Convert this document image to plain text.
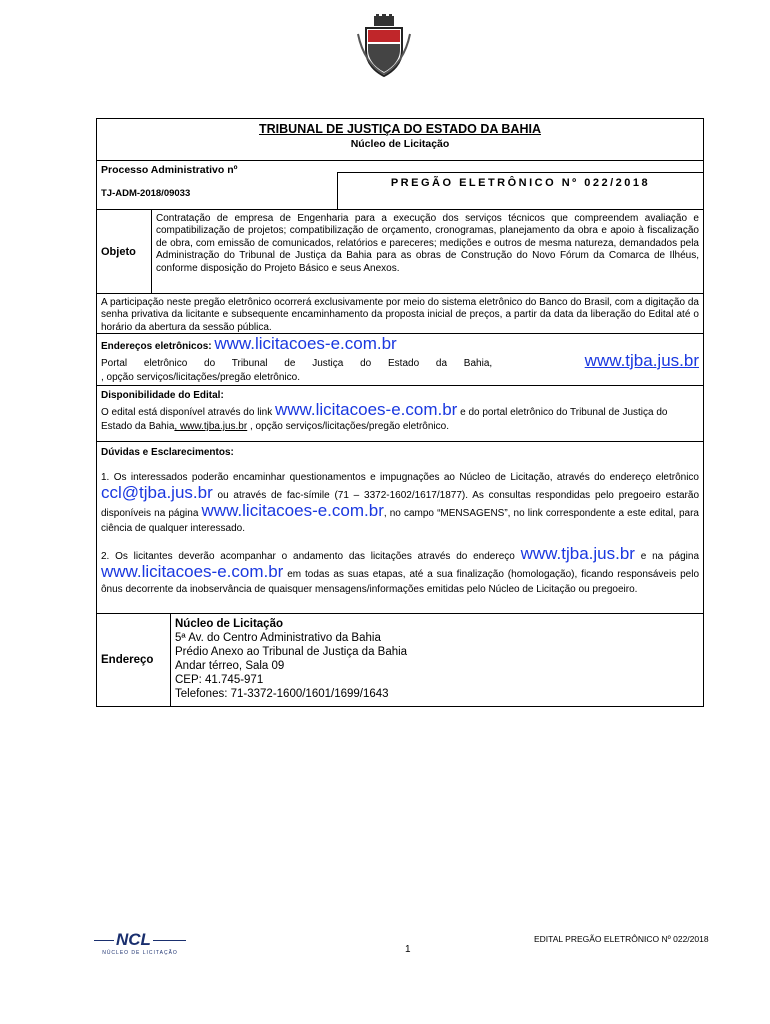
TRIBUNAL DE JUSTIÇA DO ESTADO DA BAHIA
Núcleo de Licitação
Processo Administrativo nº
TJ-ADM-2018/09033
PREGÃO ELETRÔNICO Nº 022/2018
Objeto
Contratação de empresa de Engenharia para a execução dos serviços técnicos que compreendem avaliação e compatibilização de projetos; compatibilização de orçamento, cronogramas, planejamento da obra e apoio à fiscalização de obra, com emissão de comunicados, relatórios e pareceres; medições e outros de mesma natureza, demandados pela Administração do Tribunal de Justiça da Bahia para as obras de Construção do Novo Fórum da Comarca de Ilhéus, conforme disposição do Projeto Básico e seus Anexos.
A participação neste pregão eletrônico ocorrerá exclusivamente por meio do sistema eletrônico do Banco do Brasil, com a digitação da senha privativa da licitante e subsequente encaminhamento da proposta inicial de preços, a partir da data da liberação do Edital até o horário da abertura da sessão pública.
Endereços eletrônicos: www.licitacoes-e.com.br
Portal eletrônico do Tribunal de Justiça do Estado da Bahia,	www.tjba.jus.br
, opção serviços/licitações/pregão eletrônico.
Disponibilidade do Edital:
O edital está disponível através do link www.licitacoes-e.com.br e do portal eletrônico do Tribunal de Justiça do Estado da Bahia, www.tjba.jus.br , opção serviços/licitações/pregão eletrônico.
Dúvidas e Esclarecimentos:
1. Os interessados poderão encaminhar questionamentos e impugnações ao Núcleo de Licitação, através do endereço eletrônico ccl@tjba.jus.br ou através de fac-símile (71 – 3372-1602/1617/1877). As consultas respondidas pelo pregoeiro estarão disponíveis na página www.licitacoes-e.com.br, no campo “MENSAGENS”, no link correspondente a este edital, para ciência de qualquer interessado.
2. Os licitantes deverão acompanhar o andamento das licitações através do endereço www.tjba.jus.br e na página www.licitacoes-e.com.br em todas as suas etapas, até a sua finalização (homologação), ficando responsáveis pelo ônus decorrente da inobservância de quaisquer mensagens/informações emitidas pelo Núcleo de Licitação ou pregoeiro.
Endereço
Núcleo de Licitação
5ª Av. do Centro Administrativo da Bahia
Prédio Anexo ao Tribunal de Justiça da Bahia
Andar térreo, Sala 09
CEP: 41.745-971
Telefones: 71-3372-1600/1601/1699/1643
NCL
NÚCLEO DE LICITAÇÃO
EDITAL PREGÃO ELETRÔNICO Nº 022/2018
1
